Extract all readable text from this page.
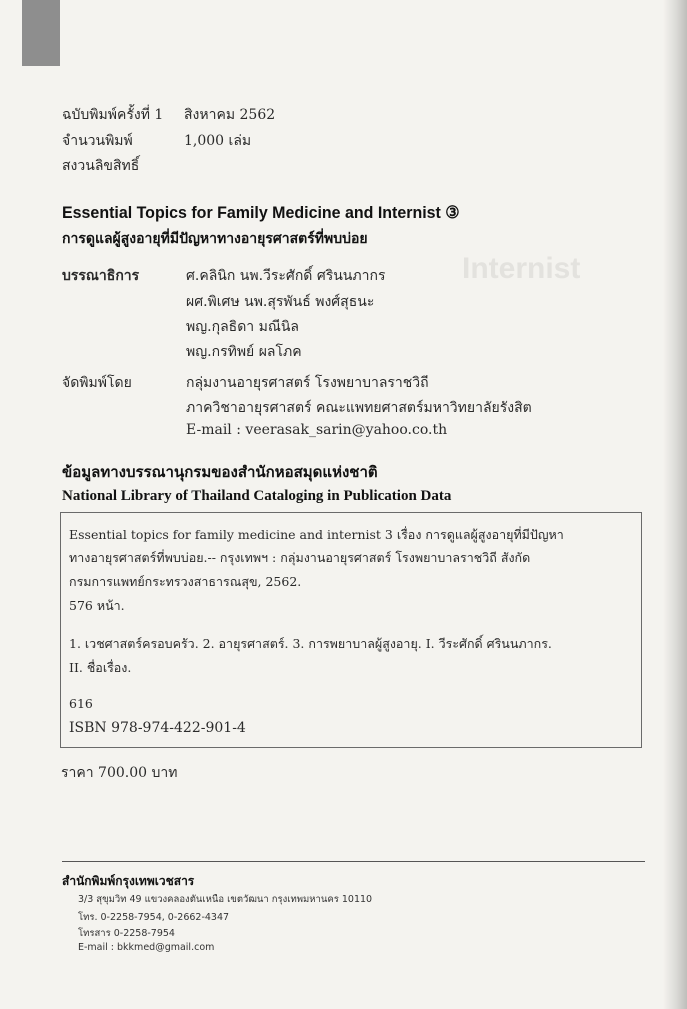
ฉบับพิมพ์ครั้งที่ 1 สิงหาคม 2562
จำนวนพิมพ์	1,000 เล่ม
สงวนลิขสิทธิ์
Essential Topics for Family Medicine and Internist ③
การดูแลผู้สูงอายุที่มีปัญหาทางอายุรศาสตร์ที่พบบ่อย
Internist
บรรณาธิการ	ศ.คลินิก นพ.วีระศักดิ์ ศรินนภากร
ผศ.พิเศษ นพ.สุรพันธ์ พงศ์สุธนะ
พญ.กุลธิดา มณีนิล
พญ.กรทิพย์ ผลโภค
จัดพิมพ์โดย	กลุ่มงานอายุรศาสตร์ โรงพยาบาลราชวิถี
ภาควิชาอายุรศาสตร์ คณะแพทยศาสตร์มหาวิทยาลัยรังสิต
E-mail : veerasak_sarin@yahoo.co.th
ข้อมูลทางบรรณานุกรมของสำนักหอสมุดแห่งชาติ
National Library of Thailand Cataloging in Publication Data
Essential topics for family medicine and internist 3 เรื่อง การดูแลผู้สูงอายุที่มีปัญหา
ทางอายุรศาสตร์ที่พบบ่อย.-- กรุงเทพฯ : กลุ่มงานอายุรศาสตร์ โรงพยาบาลราชวิถี สังกัด
กรมการแพทย์กระทรวงสาธารณสุข, 2562.
576 หน้า.
1. เวชศาสตร์ครอบครัว. 2. อายุรศาสตร์. 3. การพยาบาลผู้สูงอายุ. I. วีระศักดิ์ ศรินนภากร.
II. ชื่อเรื่อง.
616
ISBN 978-974-422-901-4
ราคา 700.00 บาท
สำนักพิมพ์กรุงเทพเวชสาร
3/3 สุขุมวิท 49 แขวงคลองตันเหนือ เขตวัฒนา กรุงเทพมหานคร 10110
โทร. 0-2258-7954, 0-2662-4347
โทรสาร 0-2258-7954
E-mail : bkkmed@gmail.com
